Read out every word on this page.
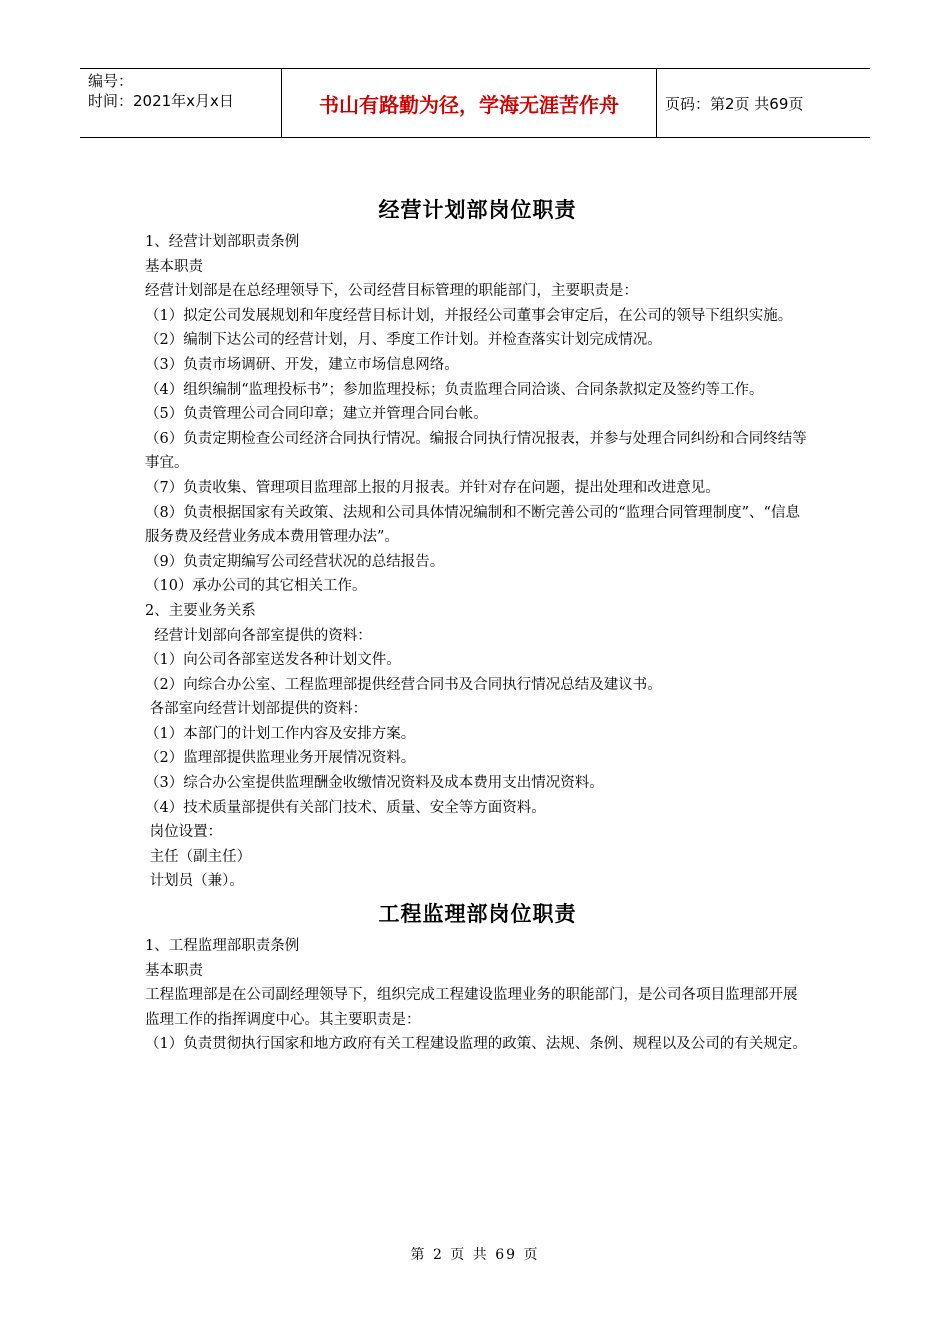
编号：
时间：2021年x月x日	书山有路勤为径，学海无涯苦作舟	页码：第2页 共69页
经营计划部岗位职责

1、经营计划部职责条例

基本职责

经营计划部是在总经理领导下，公司经营目标管理的职能部门，主要职责是：

（1）拟定公司发展规划和年度经营目标计划，并报经公司董事会审定后，在公司的领导下组织实施。

（2）编制下达公司的经营计划，月、季度工作计划。并检查落实计划完成情况。

（3）负责市场调研、开发，建立市场信息网络。

（4）组织编制“监理投标书”；参加监理投标；负责监理合同洽谈、合同条款拟定及签约等工作。

（5）负责管理公司合同印章；建立并管理合同台帐。

（6）负责定期检查公司经济合同执行情况。编报合同执行情况报表，并参与处理合同纠纷和合同终结等事宜。

（7）负责收集、管理项目监理部上报的月报表。并针对存在问题，提出处理和改进意见。

（8）负责根据国家有关政策、法规和公司具体情况编制和不断完善公司的“监理合同管理制度”、“信息服务费及经营业务成本费用管理办法”。

（9）负责定期编写公司经营状况的总结报告。

（10）承办公司的其它相关工作。

2、主要业务关系

经营计划部向各部室提供的资料：

（1）向公司各部室送发各种计划文件。

（2）向综合办公室、工程监理部提供经营合同书及合同执行情况总结及建议书。

各部室向经营计划部提供的资料：

（1）本部门的计划工作内容及安排方案。

（2）监理部提供监理业务开展情况资料。

（3）综合办公室提供监理酬金收缴情况资料及成本费用支出情况资料。

（4）技术质量部提供有关部门技术、质量、安全等方面资料。

岗位设置：

主任（副主任）

计划员（兼）。

工程监理部岗位职责

1、工程监理部职责条例

基本职责

工程监理部是在公司副经理领导下，组织完成工程建设监理业务的职能部门，是公司各项目监理部开展监理工作的指挥调度中心。其主要职责是：

（1）负责贯彻执行国家和地方政府有关工程建设监理的政策、法规、条例、规程以及公司的有关规定。

第 2 页 共 69 页
